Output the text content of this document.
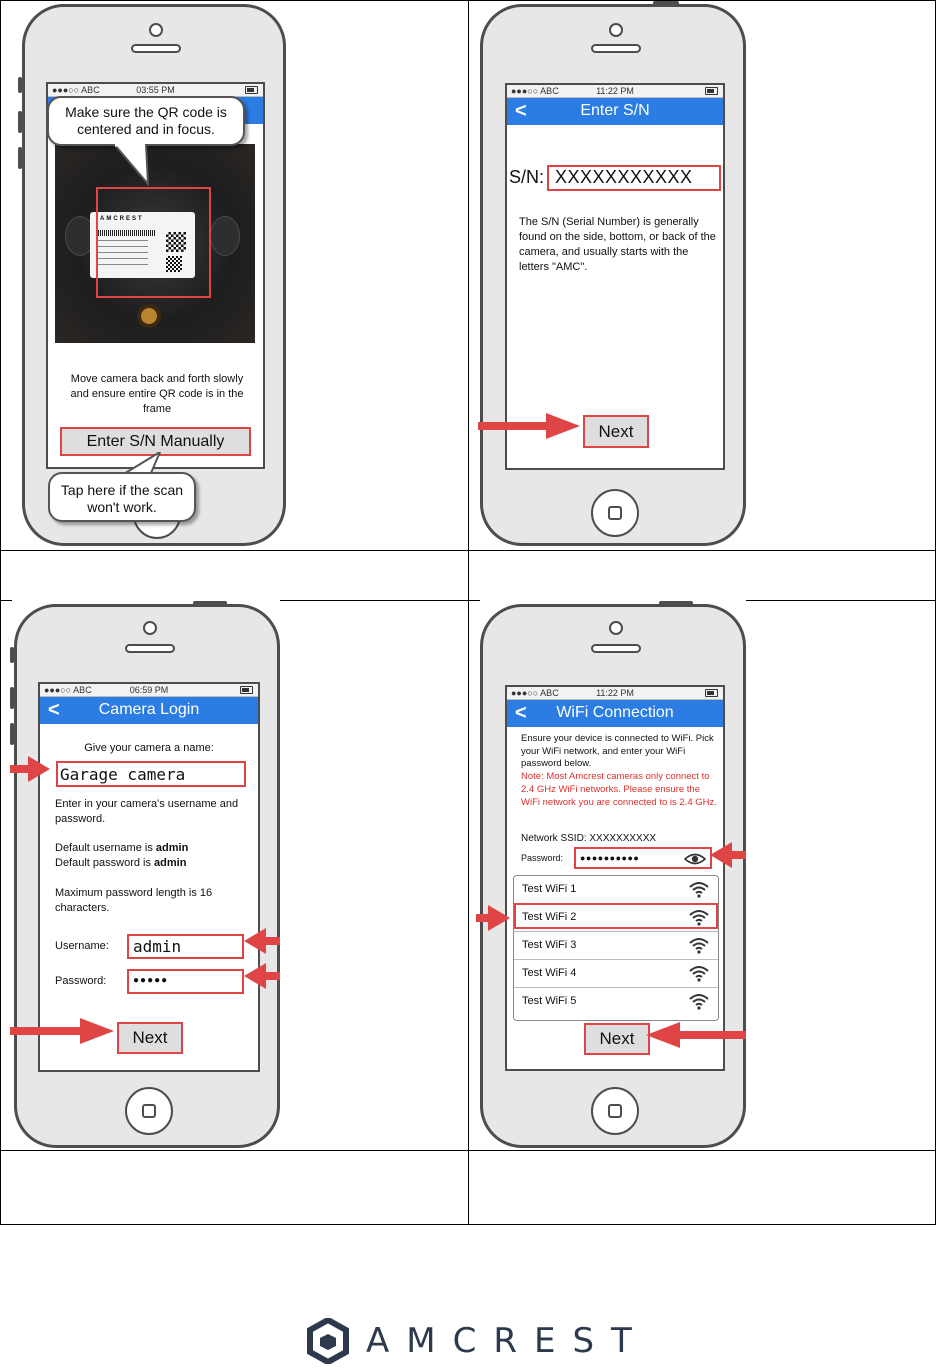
●●●○○ ABC	03:55 PM
AMCREST
Move camera back and forth slowly and ensure entire QR code is in the frame
Enter S/N Manually
Make sure the QR code is centered and in focus.
Tap here if the scan won't work.
●●●○○ ABC	11:22 PM
<	Enter S/N
S/N: XXXXXXXXXXX
The S/N (Serial Number) is generally found on the side, bottom, or back of the camera, and usually starts with the letters "AMC".
Next
●●●○○ ABC	06:59 PM
<	Camera Login
Give your camera a name:
Garage camera
Enter in your camera's username and password.
Default username is admin
Default password is admin
Maximum password length is 16 characters.
Username: admin
Password:	●●●●●
Next
●●●○○ ABC	11:22 PM
<	WiFi Connection
Ensure your device is connected to WiFi. Pick your WiFi network, and enter your WiFi password below.
Note: Most Amcrest cameras only connect to 2.4 GHz WiFi networks. Please ensure the WiFi network you are connected to is 2.4 GHz.
Network SSID: XXXXXXXXXX
Password: ●●●●●●●●●●
Test WiFi 1
Test WiFi 2
Test WiFi 3
Test WiFi 4
Test WiFi 5
Next
AMCREST
